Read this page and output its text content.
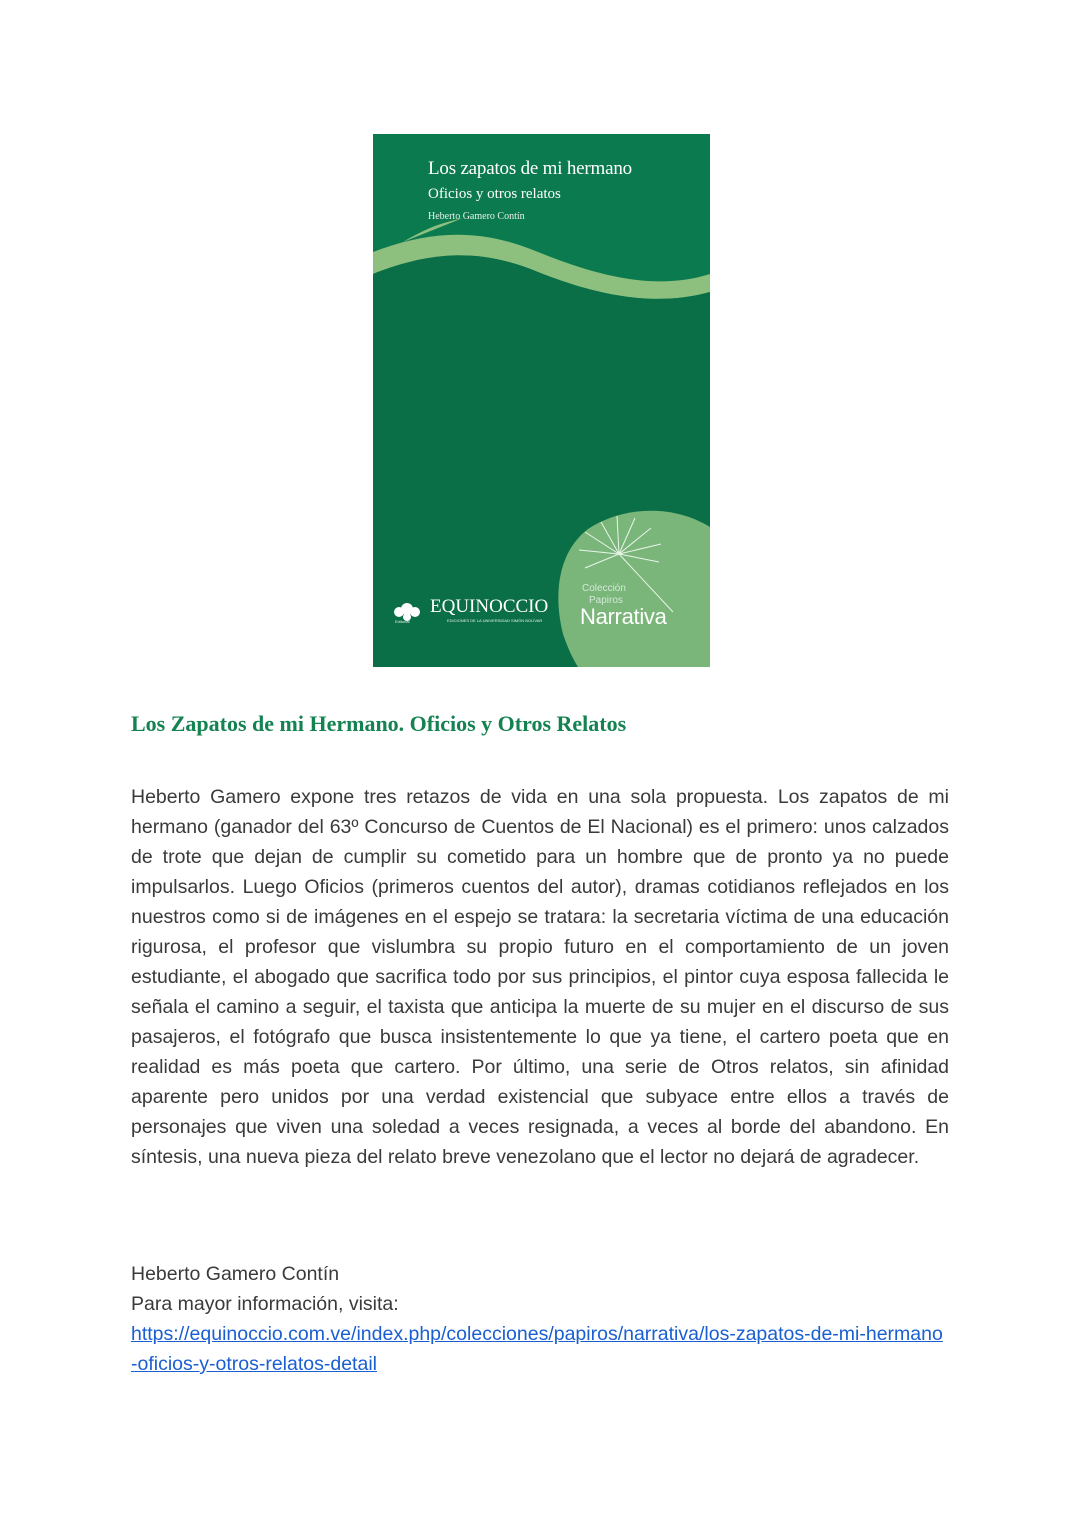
Los zapatos de mi hermano
Oficios y otros relatos
Heberto Gamero Contín
EQUINOCCIO
EDICIONES DE LA UNIVERSIDAD SIMÓN BOLÍVAR
Editorial
Colección
Papiros
Narrativa
Los Zapatos de mi Hermano. Oficios y Otros Relatos

Heberto Gamero expone tres retazos de vida en una sola propuesta. Los zapatos de mi hermano (ganador del 63º Concurso de Cuentos de El Nacional) es el primero: unos calzados de trote que dejan de cumplir su cometido para un hombre que de pronto ya no puede impulsarlos. Luego Oficios (primeros cuentos del autor), dramas cotidianos reflejados en los nuestros como si de imágenes en el espejo se tratara: la secretaria víctima de una educación rigurosa, el profesor que vislumbra su propio futuro en el comportamiento de un joven estudiante, el abogado que sacrifica todo por sus principios, el pintor cuya esposa fallecida le señala el camino a seguir, el taxista que anticipa la muerte de su mujer en el discurso de sus pasajeros, el fotógrafo que busca insistentemente lo que ya tiene, el cartero poeta que en realidad es más poeta que cartero. Por último, una serie de Otros relatos, sin afinidad aparente pero unidos por una verdad existencial que subyace entre ellos a través de personajes que viven una soledad a veces resignada, a veces al borde del abandono. En síntesis, una nueva pieza del relato breve venezolano que el lector no dejará de agradecer.

Heberto Gamero Contín

Para mayor información, visita:

https://equinoccio.com.ve/index.php/colecciones/papiros/narrativa/los-zapatos-de-mi-hermano-oficios-y-otros-relatos-detail
